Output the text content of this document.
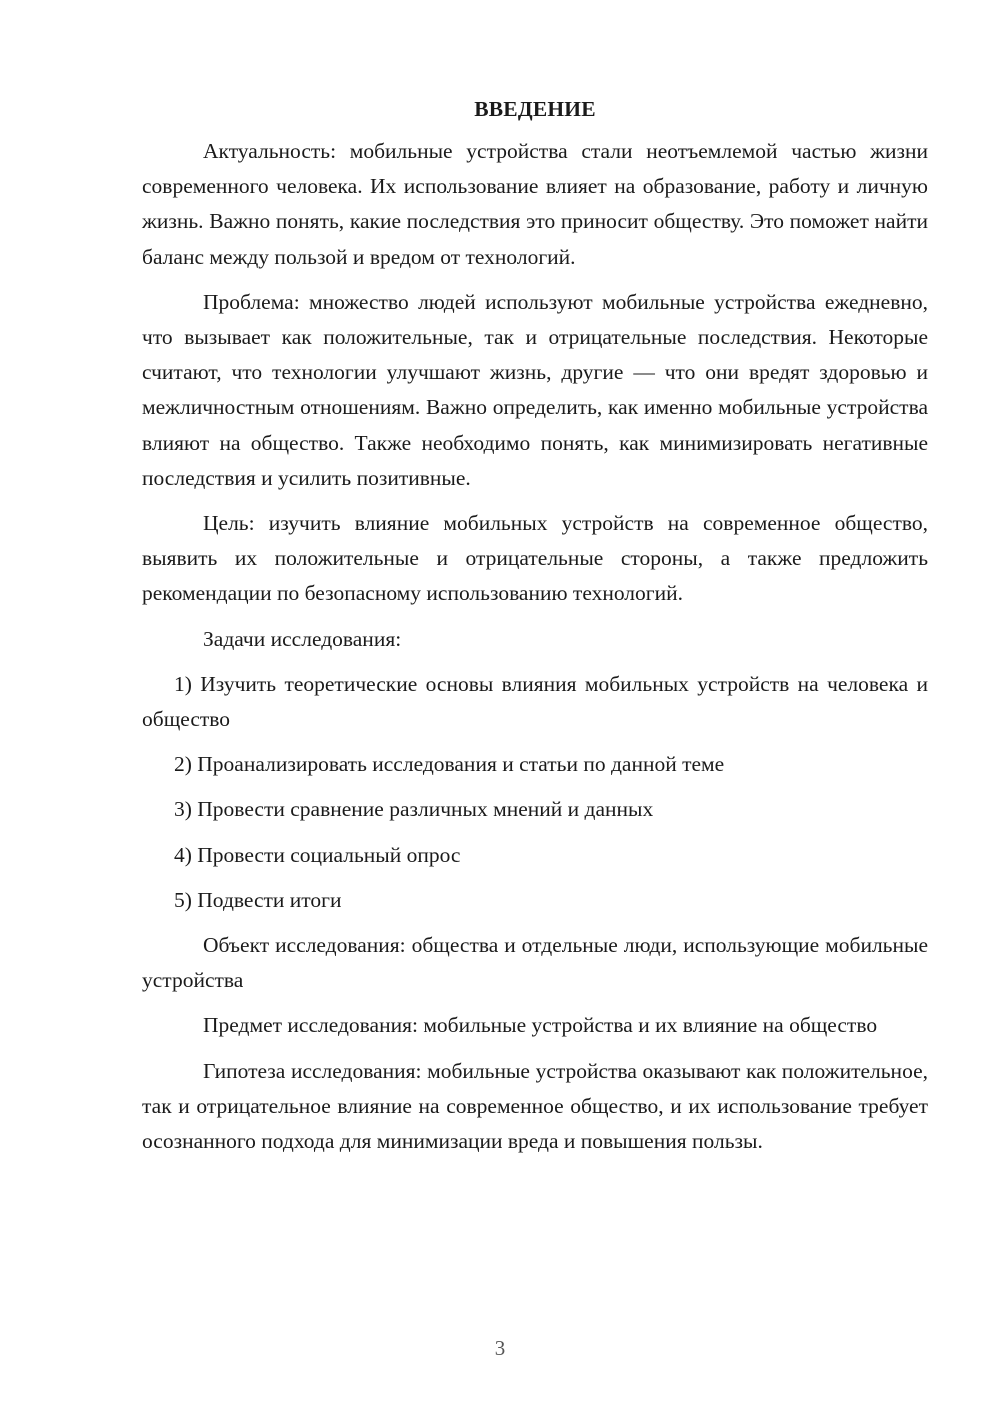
ВВЕДЕНИЕ

Актуальность: мобильные устройства стали неотъемлемой частью жизни современного человека. Их использование влияет на образование, работу и личную жизнь. Важно понять, какие последствия это приносит обществу. Это поможет найти баланс между пользой и вредом от технологий.

Проблема: множество людей используют мобильные устройства ежедневно, что вызывает как положительные, так и отрицательные последствия. Некоторые считают, что технологии улучшают жизнь, другие — что они вредят здоровью и межличностным отношениям. Важно определить, как именно мобильные устройства влияют на общество. Также необходимо понять, как минимизировать негативные последствия и усилить позитивные.

Цель: изучить влияние мобильных устройств на современное общество, выявить их положительные и отрицательные стороны, а также предложить рекомендации по безопасному использованию технологий.

Задачи исследования:

1) Изучить теоретические основы влияния мобильных устройств на человека и общество

2) Проанализировать исследования и статьи по данной теме

3) Провести сравнение различных мнений и данных

4) Провести социальный опрос

5) Подвести итоги

Объект исследования: общества и отдельные люди, использующие мобильные устройства

Предмет исследования: мобильные устройства и их влияние на общество

Гипотеза исследования: мобильные устройства оказывают как положительное, так и отрицательное влияние на современное общество, и их использование требует осознанного подхода для минимизации вреда и повышения пользы.

3
